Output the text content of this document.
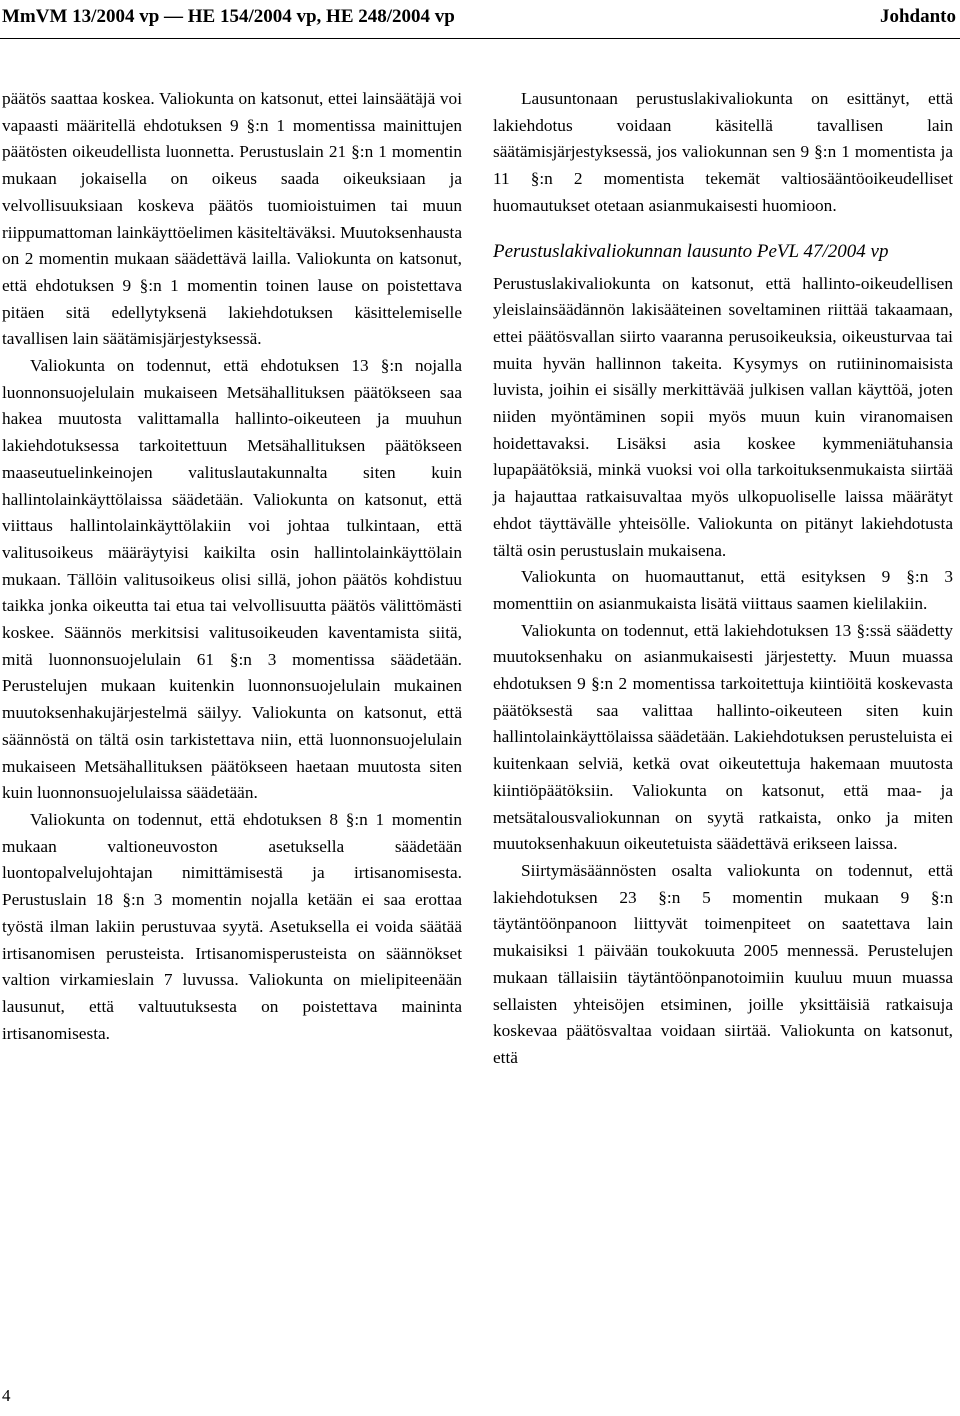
MmVM 13/2004 vp — HE 154/2004 vp, HE 248/2004 vp	Johdanto

päätös saattaa koskea. Valiokunta on katsonut, ettei lainsäätäjä voi vapaasti määritellä ehdotuksen 9 §:n 1 momentissa mainittujen päätösten oikeudellista luonnetta. Perustuslain 21 §:n 1 momentin mukaan jokaisella on oikeus saada oikeuksiaan ja velvollisuuksiaan koskeva päätös tuomioistuimen tai muun riippumattoman lainkäyttöelimen käsiteltäväksi. Muutoksenhausta on 2 momentin mukaan säädettävä lailla. Valiokunta on katsonut, että ehdotuksen 9 §:n 1 momentin toinen lause on poistettava pitäen sitä edellytyksenä lakiehdotuksen käsittelemiselle tavallisen lain säätämisjärjestyksessä.

Valiokunta on todennut, että ehdotuksen 13 §:n nojalla luonnonsuojelulain mukaiseen Metsähallituksen päätökseen saa hakea muutosta valittamalla hallinto-oikeuteen ja muuhun lakiehdotuksessa tarkoitettuun Metsähallituksen päätökseen maaseutuelinkeinojen valituslautakunnalta siten kuin hallintolainkäyttölaissa säädetään. Valiokunta on katsonut, että viittaus hallintolainkäyttölakiin voi johtaa tulkintaan, että valitusoikeus määräytyisi kaikilta osin hallintolainkäyttölain mukaan. Tällöin valitusoikeus olisi sillä, johon päätös kohdistuu taikka jonka oikeutta tai etua tai velvollisuutta päätös välittömästi koskee. Säännös merkitsisi valitusoikeuden kaventamista siitä, mitä luonnonsuojelulain 61 §:n 3 momentissa säädetään. Perustelujen mukaan kuitenkin luonnonsuojelulain mukainen muutoksenhakujärjestelmä säilyy. Valiokunta on katsonut, että säännöstä on tältä osin tarkistettava niin, että luonnonsuojelulain mukaiseen Metsähallituksen päätökseen haetaan muutosta siten kuin luonnonsuojelulaissa säädetään.

Valiokunta on todennut, että ehdotuksen 8 §:n 1 momentin mukaan valtioneuvoston asetuksella säädetään luontopalvelujohtajan nimittämisestä ja irtisanomisesta. Perustuslain 18 §:n 3 momentin nojalla ketään ei saa erottaa työstä ilman lakiin perustuvaa syytä. Asetuksella ei voida säätää irtisanomisen perusteista. Irtisanomisperusteista on säännökset valtion virkamieslain 7 luvussa. Valiokunta on mielipiteenään lausunut, että valtuutuksesta on poistettava maininta irtisanomisesta.

Lausuntonaan perustuslakivaliokunta on esittänyt, että lakiehdotus voidaan käsitellä tavallisen lain säätämisjärjestyksessä, jos valiokunnan sen 9 §:n 1 momentista ja 11 §:n 2 momentista tekemät valtiosääntöoikeudelliset huomautukset otetaan asianmukaisesti huomioon.

Perustuslakivaliokunnan lausunto PeVL 47/2004 vp

Perustuslakivaliokunta on katsonut, että hallinto-oikeudellisen yleislainsäädännön lakisääteinen soveltaminen riittää takaamaan, ettei päätösvallan siirto vaaranna perusoikeuksia, oikeusturvaa tai muita hyvän hallinnon takeita. Kysymys on rutiininomaisista luvista, joihin ei sisälly merkittävää julkisen vallan käyttöä, joten niiden myöntäminen sopii myös muun kuin viranomaisen hoidettavaksi. Lisäksi asia koskee kymmeniätuhansia lupapäätöksiä, minkä vuoksi voi olla tarkoituksenmukaista siirtää ja hajauttaa ratkaisuvaltaa myös ulkopuoliselle laissa määrätyt ehdot täyttävälle yhteisölle. Valiokunta on pitänyt lakiehdotusta tältä osin perustuslain mukaisena.

Valiokunta on huomauttanut, että esityksen 9 §:n 3 momenttiin on asianmukaista lisätä viittaus saamen kielilakiin.

Valiokunta on todennut, että lakiehdotuksen 13 §:ssä säädetty muutoksenhaku on asianmukaisesti järjestetty. Muun muassa ehdotuksen 9 §:n 2 momentissa tarkoitettuja kiintiöitä koskevasta päätöksestä saa valittaa hallinto-oikeuteen siten kuin hallintolainkäyttölaissa säädetään. Lakiehdotuksen perusteluista ei kuitenkaan selviä, ketkä ovat oikeutettuja hakemaan muutosta kiintiöpäätöksiin. Valiokunta on katsonut, että maa- ja metsätalousvaliokunnan on syytä ratkaista, onko ja miten muutoksenhakuun oikeutetuista säädettävä erikseen laissa.

Siirtymäsäännösten osalta valiokunta on todennut, että lakiehdotuksen 23 §:n 5 momentin mukaan 9 §:n täytäntöönpanoon liittyvät toimenpiteet on saatettava lain mukaisiksi 1 päivään toukokuuta 2005 mennessä. Perustelujen mukaan tällaisiin täytäntöönpanotoimiin kuuluu muun muassa sellaisten yhteisöjen etsiminen, joille yksittäisiä ratkaisuja koskevaa päätösvaltaa voidaan siirtää. Valiokunta on katsonut, että

4
